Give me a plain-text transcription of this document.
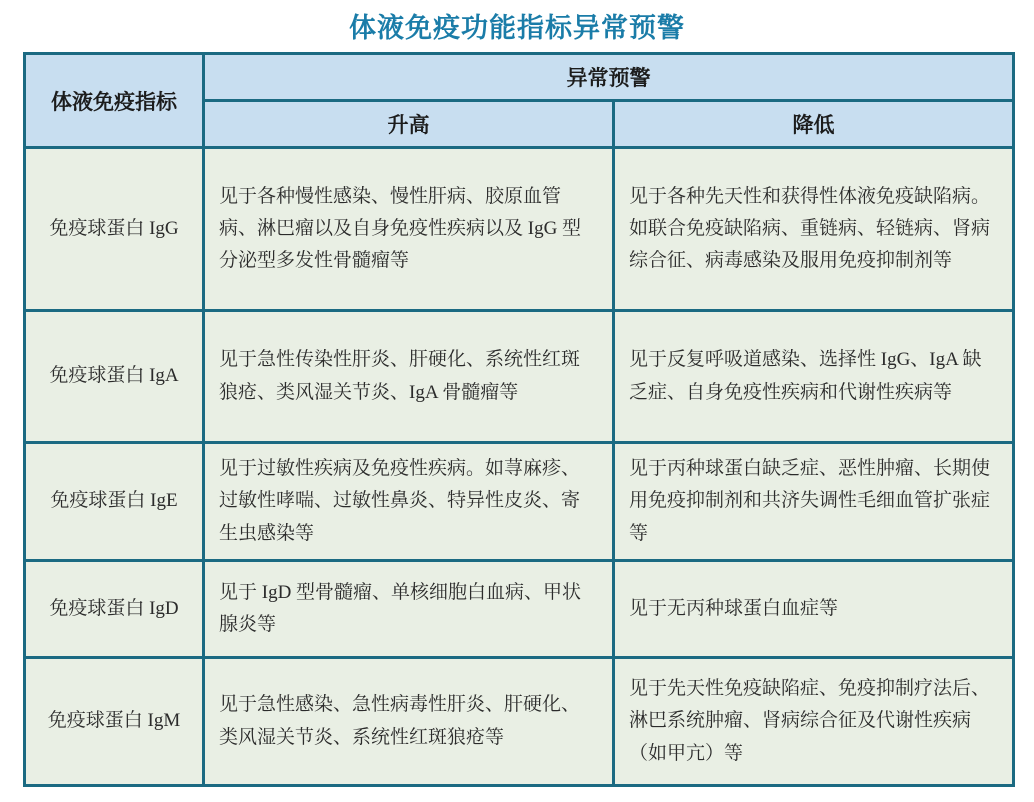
体液免疫功能指标异常预警
体液免疫指标	异常预警	
	升高	降低
免疫球蛋白 IgG	见于各种慢性感染、慢性肝病、胶原血管病、淋巴瘤以及自身免疫性疾病以及 IgG 型分泌型多发性骨髓瘤等	见于各种先天性和获得性体液免疫缺陷病。如联合免疫缺陷病、重链病、轻链病、肾病综合征、病毒感染及服用免疫抑制剂等
免疫球蛋白 IgA	见于急性传染性肝炎、肝硬化、系统性红斑狼疮、类风湿关节炎、IgA 骨髓瘤等	见于反复呼吸道感染、选择性 IgG、IgA 缺乏症、自身免疫性疾病和代谢性疾病等
免疫球蛋白 IgE	见于过敏性疾病及免疫性疾病。如荨麻疹、过敏性哮喘、过敏性鼻炎、特异性皮炎、寄生虫感染等	见于丙种球蛋白缺乏症、恶性肿瘤、长期使用免疫抑制剂和共济失调性毛细血管扩张症等
免疫球蛋白 IgD	见于 IgD 型骨髓瘤、单核细胞白血病、甲状腺炎等	见于无丙种球蛋白血症等
免疫球蛋白 IgM	见于急性感染、急性病毒性肝炎、肝硬化、类风湿关节炎、系统性红斑狼疮等	见于先天性免疫缺陷症、免疫抑制疗法后、淋巴系统肿瘤、肾病综合征及代谢性疾病（如甲亢）等
